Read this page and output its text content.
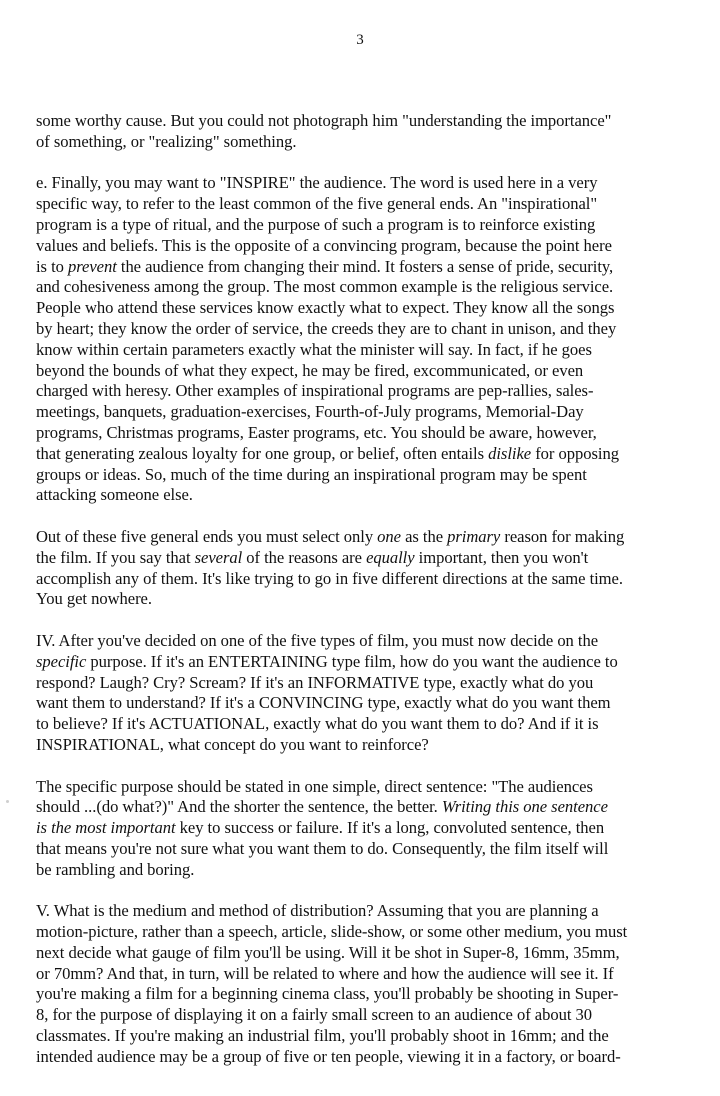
3
some worthy cause. But you could not photograph him "understanding the importance"
of something, or "realizing" something.
e. Finally, you may want to "INSPIRE" the audience. The word is used here in a very
specific way, to refer to the least common of the five general ends. An "inspirational"
program is a type of ritual, and the purpose of such a program is to reinforce existing
values and beliefs. This is the opposite of a convincing program, because the point here
is to prevent the audience from changing their mind. It fosters a sense of pride, security,
and cohesiveness among the group. The most common example is the religious service.
People who attend these services know exactly what to expect. They know all the songs
by heart; they know the order of service, the creeds they are to chant in unison, and they
know within certain parameters exactly what the minister will say. In fact, if he goes
beyond the bounds of what they expect, he may be fired, excommunicated, or even
charged with heresy. Other examples of inspirational programs are pep-rallies, sales-
meetings, banquets, graduation-exercises, Fourth-of-July programs, Memorial-Day
programs, Christmas programs, Easter programs, etc. You should be aware, however,
that generating zealous loyalty for one group, or belief, often entails dislike for opposing
groups or ideas. So, much of the time during an inspirational program may be spent
attacking someone else.
Out of these five general ends you must select only one as the primary reason for making
the film. If you say that several of the reasons are equally important, then you won't
accomplish any of them. It's like trying to go in five different directions at the same time.
You get nowhere.
IV. After you've decided on one of the five types of film, you must now decide on the
specific purpose. If it's an ENTERTAINING type film, how do you want the audience to
respond? Laugh? Cry? Scream? If it's an INFORMATIVE type, exactly what do you
want them to understand? If it's a CONVINCING type, exactly what do you want them
to believe? If it's ACTUATIONAL, exactly what do you want them to do? And if it is
INSPIRATIONAL, what concept do you want to reinforce?
The specific purpose should be stated in one simple, direct sentence: "The audiences
should ...(do what?)" And the shorter the sentence, the better. Writing this one sentence
is the most important key to success or failure. If it's a long, convoluted sentence, then
that means you're not sure what you want them to do. Consequently, the film itself will
be rambling and boring.
V. What is the medium and method of distribution? Assuming that you are planning a
motion-picture, rather than a speech, article, slide-show, or some other medium, you must
next decide what gauge of film you'll be using. Will it be shot in Super-8, 16mm, 35mm,
or 70mm? And that, in turn, will be related to where and how the audience will see it. If
you're making a film for a beginning cinema class, you'll probably be shooting in Super-
8, for the purpose of displaying it on a fairly small screen to an audience of about 30
classmates. If you're making an industrial film, you'll probably shoot in 16mm; and the
intended audience may be a group of five or ten people, viewing it in a factory, or board-
